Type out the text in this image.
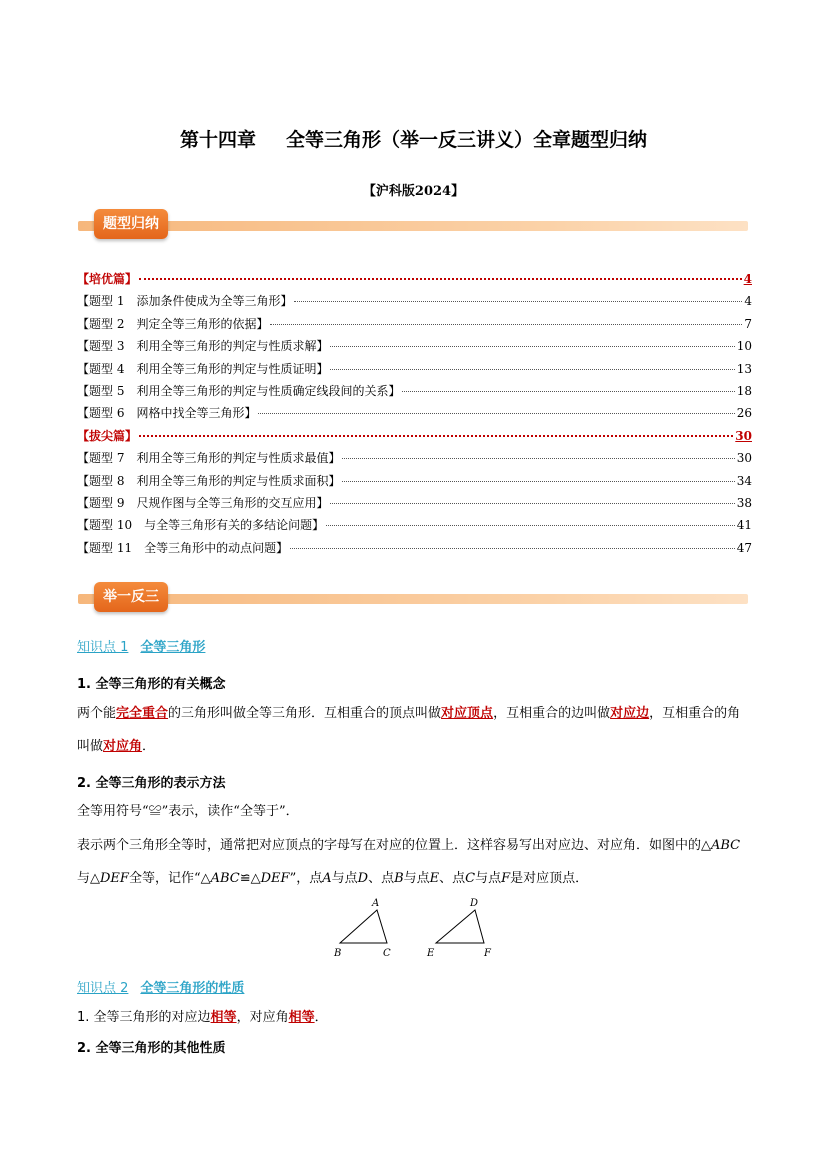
第十四章 全等三角形（举一反三讲义）全章题型归纳
【沪科版2024】
题型归纳
【培优篇】	4
【题型 1　添加条件使成为全等三角形】	4
【题型 2　判定全等三角形的依据】	7
【题型 3　利用全等三角形的判定与性质求解】	10
【题型 4　利用全等三角形的判定与性质证明】	13
【题型 5　利用全等三角形的判定与性质确定线段间的关系】	18
【题型 6　网格中找全等三角形】	26
【拔尖篇】	30
【题型 7　利用全等三角形的判定与性质求最值】	30
【题型 8　利用全等三角形的判定与性质求面积】	34
【题型 9　尺规作图与全等三角形的交互应用】	38
【题型 10　与全等三角形有关的多结论问题】	41
【题型 11　全等三角形中的动点问题】	47
举一反三
知识点 1 全等三角形
1. 全等三角形的有关概念
两个能完全重合的三角形叫做全等三角形．互相重合的顶点叫做对应顶点，互相重合的边叫做对应边，互相重合的角叫做对应角．
2. 全等三角形的表示方法
全等用符号“≌”表示，读作“全等于”．
表示两个三角形全等时，通常把对应顶点的字母写在对应的位置上．这样容易写出对应边、对应角．如图中的△ABC与△DEF全等，记作“△ABC≌△DEF”，点A与点D、点B与点E、点C与点F是对应顶点．
A
B	C
D
E	F
知识点 2 全等三角形的性质
1. 全等三角形的对应边相等，对应角相等．
2. 全等三角形的其他性质
